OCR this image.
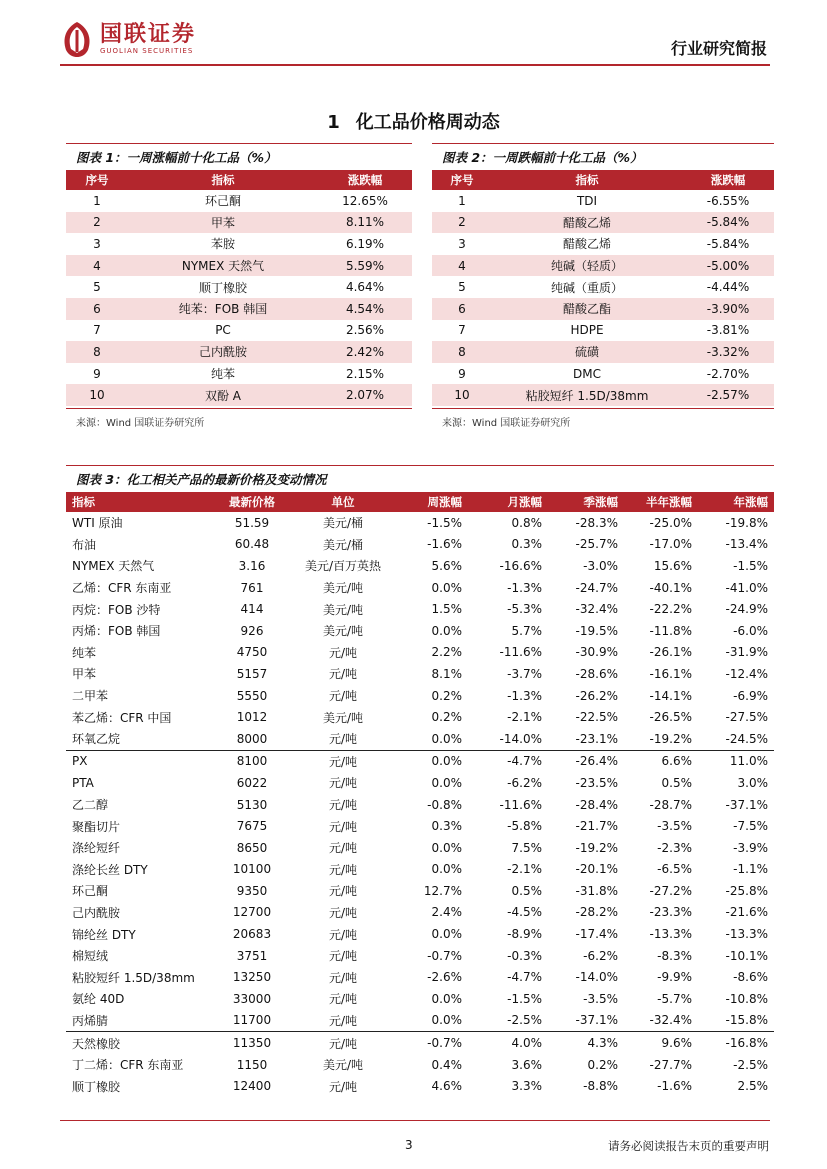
国联证券
GUOLIAN SECURITIES	行业研究简报
1 化工品价格周动态
图表 1：一周涨幅前十化工品（%）
序号	指标	涨跌幅
1	环己酮	12.65%
2	甲苯	8.11%
3	苯胺	6.19%
4	NYMEX 天然气	5.59%
5	顺丁橡胶	4.64%
6	纯苯：FOB 韩国	4.54%
7	PC	2.56%
8	己内酰胺	2.42%
9	纯苯	2.15%
10	双酚 A	2.07%
来源：Wind 国联证券研究所
图表 2：一周跌幅前十化工品（%）
序号	指标	涨跌幅
1	TDI	-6.55%
2	醋酸乙烯	-5.84%
3	醋酸乙烯	-5.84%
4	纯碱（轻质）	-5.00%
5	纯碱（重质）	-4.44%
6	醋酸乙酯	-3.90%
7	HDPE	-3.81%
8	硫磺	-3.32%
9	DMC	-2.70%
10	粘胶短纤 1.5D/38mm	-2.57%
来源：Wind 国联证券研究所
图表 3：化工相关产品的最新价格及变动情况
指标	最新价格	单位	周涨幅	月涨幅	季涨幅	半年涨幅	年涨幅
WTI 原油	51.59	美元/桶	-1.5%	0.8%	-28.3%	-25.0%	-19.8%
布油	60.48	美元/桶	-1.6%	0.3%	-25.7%	-17.0%	-13.4%
NYMEX 天然气	3.16	美元/百万英热	5.6%	-16.6%	-3.0%	15.6%	-1.5%
乙烯：CFR 东南亚	761	美元/吨	0.0%	-1.3%	-24.7%	-40.1%	-41.0%
丙烷：FOB 沙特	414	美元/吨	1.5%	-5.3%	-32.4%	-22.2%	-24.9%
丙烯：FOB 韩国	926	美元/吨	0.0%	5.7%	-19.5%	-11.8%	-6.0%
纯苯	4750	元/吨	2.2%	-11.6%	-30.9%	-26.1%	-31.9%
甲苯	5157	元/吨	8.1%	-3.7%	-28.6%	-16.1%	-12.4%
二甲苯	5550	元/吨	0.2%	-1.3%	-26.2%	-14.1%	-6.9%
苯乙烯：CFR 中国	1012	美元/吨	0.2%	-2.1%	-22.5%	-26.5%	-27.5%
环氧乙烷	8000	元/吨	0.0%	-14.0%	-23.1%	-19.2%	-24.5%
PX	8100	元/吨	0.0%	-4.7%	-26.4%	6.6%	11.0%
PTA	6022	元/吨	0.0%	-6.2%	-23.5%	0.5%	3.0%
乙二醇	5130	元/吨	-0.8%	-11.6%	-28.4%	-28.7%	-37.1%
聚酯切片	7675	元/吨	0.3%	-5.8%	-21.7%	-3.5%	-7.5%
涤纶短纤	8650	元/吨	0.0%	7.5%	-19.2%	-2.3%	-3.9%
涤纶长丝 DTY	10100	元/吨	0.0%	-2.1%	-20.1%	-6.5%	-1.1%
环己酮	9350	元/吨	12.7%	0.5%	-31.8%	-27.2%	-25.8%
己内酰胺	12700	元/吨	2.4%	-4.5%	-28.2%	-23.3%	-21.6%
锦纶丝 DTY	20683	元/吨	0.0%	-8.9%	-17.4%	-13.3%	-13.3%
棉短绒	3751	元/吨	-0.7%	-0.3%	-6.2%	-8.3%	-10.1%
粘胶短纤 1.5D/38mm	13250	元/吨	-2.6%	-4.7%	-14.0%	-9.9%	-8.6%
氨纶 40D	33000	元/吨	0.0%	-1.5%	-3.5%	-5.7%	-10.8%
丙烯腈	11700	元/吨	0.0%	-2.5%	-37.1%	-32.4%	-15.8%
天然橡胶	11350	元/吨	-0.7%	4.0%	4.3%	9.6%	-16.8%
丁二烯：CFR 东南亚	1150	美元/吨	0.4%	3.6%	0.2%	-27.7%	-2.5%
顺丁橡胶	12400	元/吨	4.6%	3.3%	-8.8%	-1.6%	2.5%
3	请务必阅读报告末页的重要声明
